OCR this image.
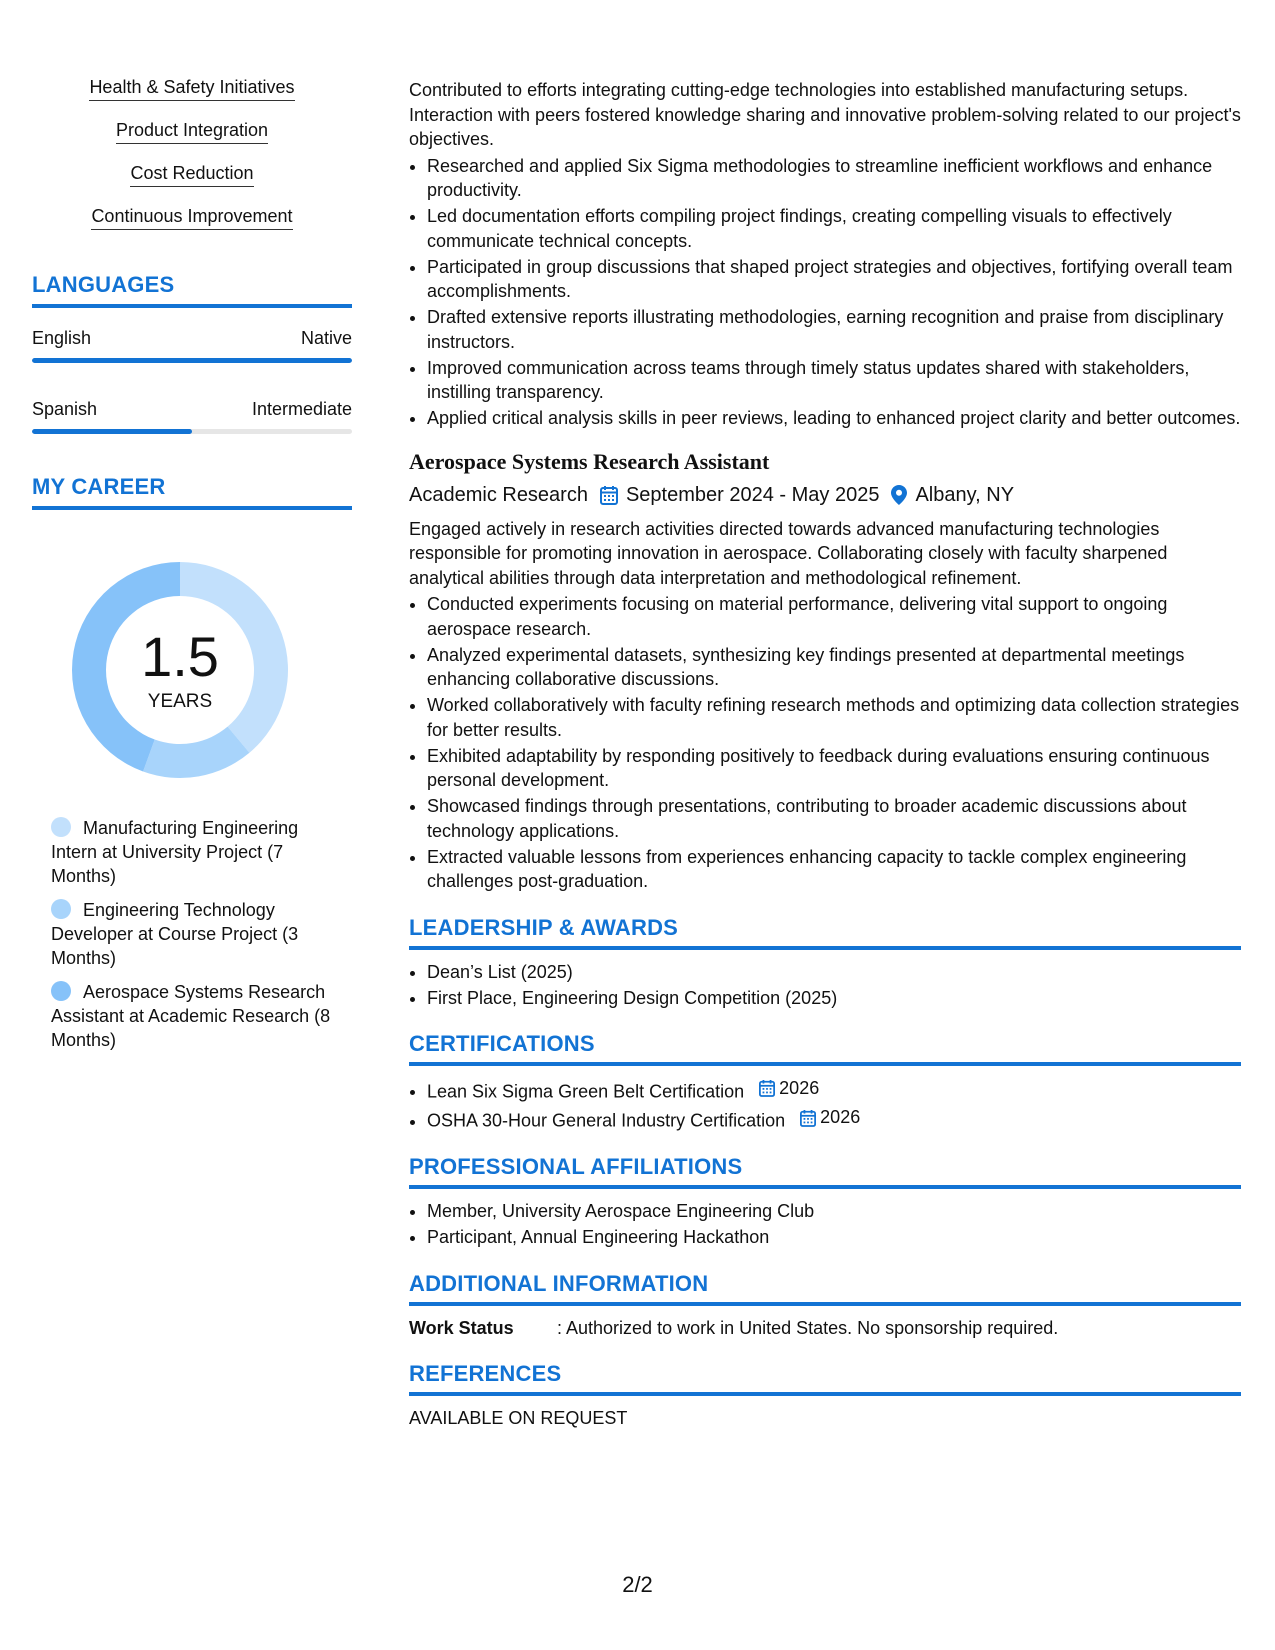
Health & Safety Initiatives
Product Integration
Cost Reduction
Continuous Improvement
LANGUAGES
English	Native
Spanish	Intermediate
MY CAREER
1.5
YEARS
Manufacturing Engineering Intern at University Project (7 Months)
Engineering Technology Developer at Course Project (3 Months)
Aerospace Systems Research Assistant at Academic Research (8 Months)

Contributed to efforts integrating cutting-edge technologies into established manufacturing setups. Interaction with peers fostered knowledge sharing and innovative problem-solving related to our project's objectives.

• Researched and applied Six Sigma methodologies to streamline inefficient workflows and enhance productivity.
• Led documentation efforts compiling project findings, creating compelling visuals to effectively communicate technical concepts.
• Participated in group discussions that shaped project strategies and objectives, fortifying overall team accomplishments.
• Drafted extensive reports illustrating methodologies, earning recognition and praise from disciplinary instructors.
• Improved communication across teams through timely status updates shared with stakeholders, instilling transparency.
• Applied critical analysis skills in peer reviews, leading to enhanced project clarity and better outcomes.
Aerospace Systems Research Assistant
Academic Research September 2024 - May 2025 Albany, NY

Engaged actively in research activities directed towards advanced manufacturing technologies responsible for promoting innovation in aerospace. Collaborating closely with faculty sharpened analytical abilities through data interpretation and methodological refinement.

• Conducted experiments focusing on material performance, delivering vital support to ongoing aerospace research.
• Analyzed experimental datasets, synthesizing key findings presented at departmental meetings enhancing collaborative discussions.
• Worked collaboratively with faculty refining research methods and optimizing data collection strategies for better results.
• Exhibited adaptability by responding positively to feedback during evaluations ensuring continuous personal development.
• Showcased findings through presentations, contributing to broader academic discussions about technology applications.
• Extracted valuable lessons from experiences enhancing capacity to tackle complex engineering challenges post-graduation.
LEADERSHIP & AWARDS
• Dean’s List (2025)
• First Place, Engineering Design Competition (2025)
CERTIFICATIONS
• Lean Six Sigma Green Belt Certification 2026
• OSHA 30-Hour General Industry Certification 2026
PROFESSIONAL AFFILIATIONS
• Member, University Aerospace Engineering Club
• Participant, Annual Engineering Hackathon
ADDITIONAL INFORMATION
Work Status	: Authorized to work in United States. No sponsorship required.
REFERENCES
AVAILABLE ON REQUEST
2/2
